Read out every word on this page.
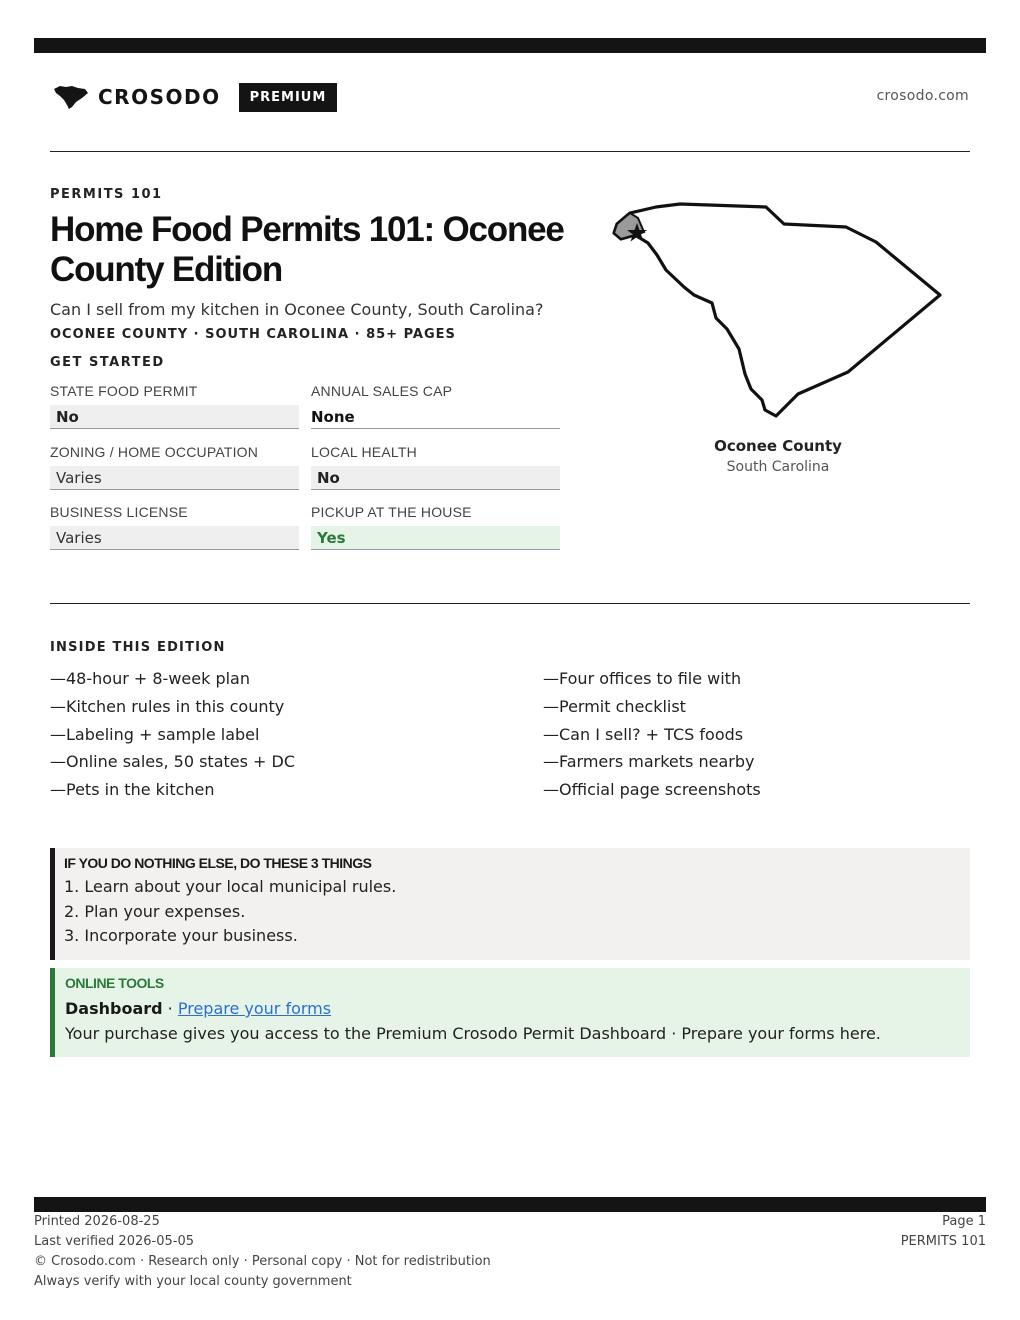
CROSODO	PREMIUM	crosodo.com
PERMITS 101
Home Food Permits 101: Oconee County Edition
Can I sell from my kitchen in Oconee County, South Carolina?
OCONEE COUNTY · SOUTH CAROLINA · 85+ PAGES
GET STARTED
STATE FOOD PERMIT
No
ANNUAL SALES CAP
None
ZONING / HOME OCCUPATION
Varies
LOCAL HEALTH
No
BUSINESS LICENSE
Varies
PICKUP AT THE HOUSE
Yes
Oconee County
South Carolina
INSIDE THIS EDITION
—48-hour + 8-week plan
—Kitchen rules in this county
—Labeling + sample label
—Online sales, 50 states + DC
—Pets in the kitchen
—Four offices to file with
—Permit checklist
—Can I sell? + TCS foods
—Farmers markets nearby
—Official page screenshots
IF YOU DO NOTHING ELSE, DO THESE 3 THINGS
1. Learn about your local municipal rules.
2. Plan your expenses.
3. Incorporate your business.
ONLINE TOOLS
Dashboard · Prepare your forms
Your purchase gives you access to the Premium Crosodo Permit Dashboard · Prepare your forms here.
Printed 2026-08-25
Last verified 2026-05-05
© Crosodo.com · Research only · Personal copy · Not for redistribution
Always verify with your local county government
Page 1
PERMITS 101
